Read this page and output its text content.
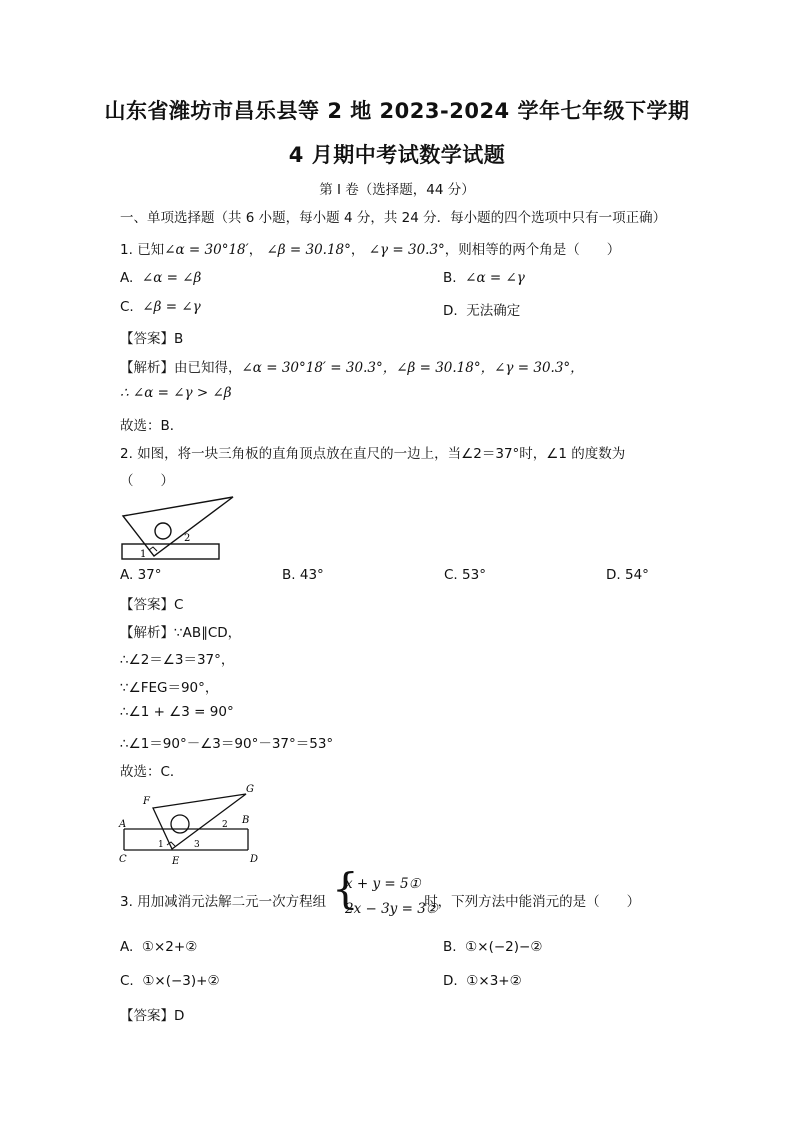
山东省潍坊市昌乐县等 2 地 2023-2024 学年七年级下学期
4 月期中考试数学试题
第 I 卷（选择题，44 分）
一、单项选择题（共 6 小题，每小题 4 分，共 24 分．每小题的四个选项中只有一项正确）
1. 已知∠α = 30°18′， ∠β = 30.18°， ∠γ = 30.3°，则相等的两个角是（　　）
A. ∠α = ∠β	B. ∠α = ∠γ
C. ∠β = ∠γ	D. 无法确定
【答案】B
【解析】由已知得，∠α = 30°18′ = 30.3°，∠β = 30.18°，∠γ = 30.3°，
∴ ∠α = ∠γ > ∠β
故选：B．
2. 如图，将一块三角板的直角顶点放在直尺的一边上，当∠2＝37°时，∠1 的度数为
（　　）
1
2
A. 37°	B. 43°	C. 53°	D. 54°
【答案】C
【解析】∵AB∥CD，
∴∠2＝∠3＝37°，
∵∠FEG＝90°，
∴∠1 + ∠3 = 90°
∴∠1＝90°－∠3＝90°－37°＝53°
故选：C．
F
G
A	B
C	D
E
1
2
3
3. 用加减消元法解二元一次方程组	时，下列方法中能消元的是（　　）
{
x + y = 5①
2x − 3y = 3②
A. ①×2+②	B. ①×(−2)−②
C. ①×(−3)+②	D. ①×3+②
【答案】D
